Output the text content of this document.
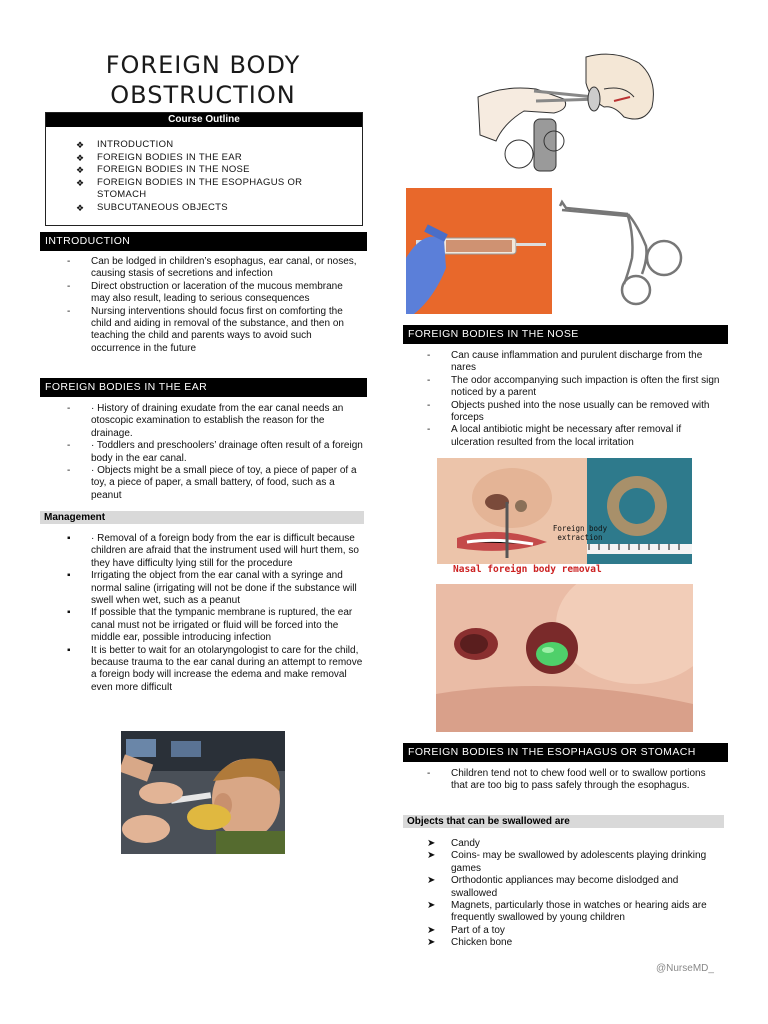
FOREIGN BODY
OBSTRUCTION
Course Outline
❖ INTRODUCTION
❖ FOREIGN BODIES IN THE EAR
❖ FOREIGN BODIES IN THE NOSE
❖ FOREIGN BODIES IN THE ESOPHAGUS OR STOMACH
❖ SUBCUTANEOUS OBJECTS
INTRODUCTION
- Can be lodged in children’s esophagus, ear canal, or noses, causing stasis of secretions and infection
- Direct obstruction or laceration of the mucous membrane may also result, leading to serious consequences
- Nursing interventions should focus first on comforting the child and aiding in removal of the substance, and then on teaching the child and parents ways to avoid such occurrence in the future
FOREIGN BODIES IN THE EAR
- · History of draining exudate from the ear canal needs an otoscopic examination to establish the reason for the drainage.
- · Toddlers and preschoolers’ drainage often result of a foreign body in the ear canal.
- · Objects might be a small piece of toy, a piece of paper of a toy, a piece of paper, a small battery, of food, such as a peanut
Management
▪ · Removal of a foreign body from the ear is difficult because children are afraid that the instrument used will hurt them, so they have difficulty lying still for the procedure
▪ Irrigating the object from the ear canal with a syringe and normal saline (irrigating will not be done if the substance will swell when wet, such as a peanut
▪ If possible that the tympanic membrane is ruptured, the ear canal must not be irrigated or fluid will be forced into the middle ear, possible introducing infection
▪ It is better to wait for an otolaryngologist to care for the child, because trauma to the ear canal during an attempt to remove a foreign body will increase the edema and make removal even more difficult
FOREIGN BODIES IN THE NOSE
- Can cause inflammation and purulent discharge from the nares
- The odor accompanying such impaction is often the first sign noticed by a parent
- Objects pushed into the nose usually can be removed with forceps
- A local antibiotic might be necessary after removal if ulceration resulted from the local irritation
Foreign body extraction
Nasal foreign body removal
FOREIGN BODIES IN THE ESOPHAGUS OR STOMACH
- Children tend not to chew food well or to swallow portions that are too big to pass safely through the esophagus.
Objects that can be swallowed are
➤ Candy
➤ Coins- may be swallowed by adolescents playing drinking games
➤ Orthodontic appliances may become dislodged and swallowed
➤ Magnets, particularly those in watches or hearing aids are frequently swallowed by young children
➤ Part of a toy
➤ Chicken bone
@NurseMD_
